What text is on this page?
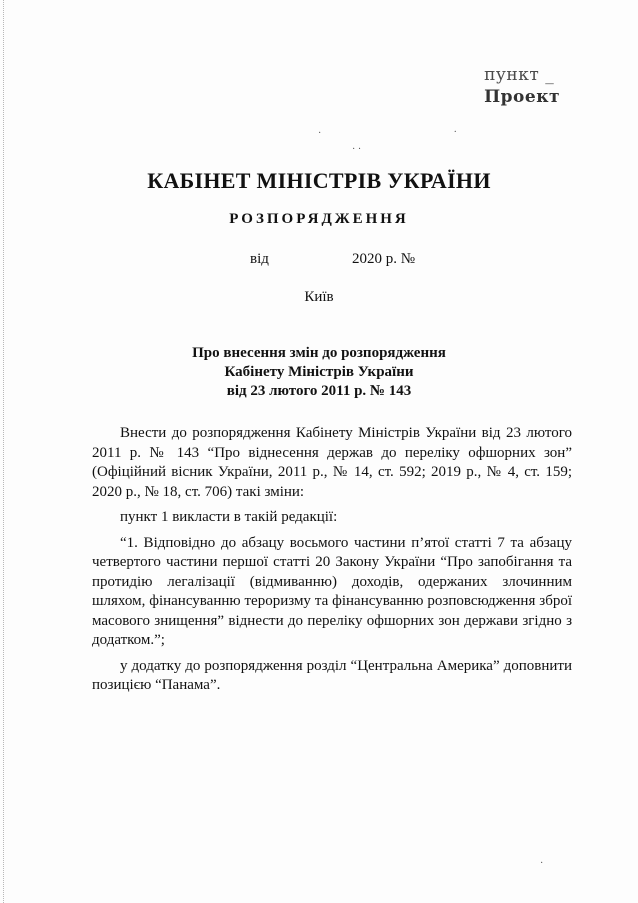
пункт _
Проект
·
· ·
.
КАБІНЕТ МІНІСТРІВ УКРАЇНИ
РОЗПОРЯДЖЕННЯ
від	2020 р. №
Київ
Про внесення змін до розпорядження
Кабінету Міністрів України
від 23 лютого 2011 р. № 143

Внести до розпорядження Кабінету Міністрів України від 23 лютого 2011 р. № 143 “Про віднесення держав до переліку офшорних зон” (Офіційний вісник України, 2011 р., № 14, ст. 592; 2019 р., № 4, ст. 159; 2020 р., № 18, ст. 706) такі зміни:

пункт 1 викласти в такій редакції:

“1. Відповідно до абзацу восьмого частини п’ятої статті 7 та абзацу четвертого частини першої статті 20 Закону України “Про запобігання та протидію легалізації (відмиванню) доходів, одержаних злочинним шляхом, фінансуванню тероризму та фінансуванню розповсюдження зброї масового знищення” віднести до переліку офшорних зон держави згідно з додатком.”;

у додатку до розпорядження розділ “Центральна Америка” доповнити позицією “Панама”.

·
